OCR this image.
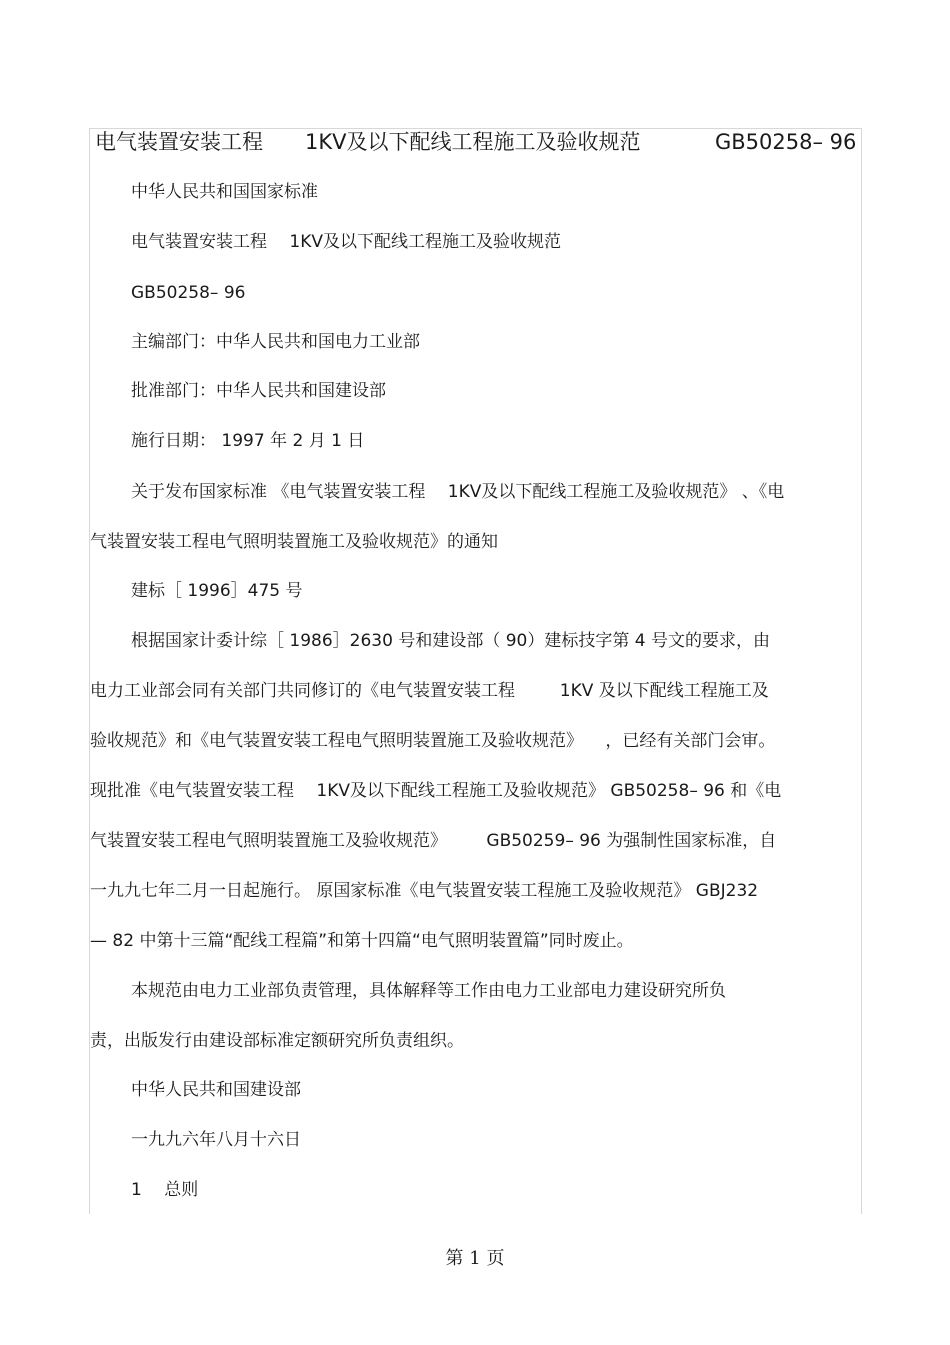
电气装置安装工程 1KV及以下配线工程施工及验收规范	GB50258– 96
中华人民共和国国家标准
电气装置安装工程 　1KV及以下配线工程施工及验收规范
GB50258– 96
主编部门：中华人民共和国电力工业部
批准部门：中华人民共和国建设部
施行日期： 1997 年 2 月 1 日
关于发布国家标准 《电气装置安装工程 　1KV及以下配线工程施工及验收规范》 、《电
气装置安装工程电气照明装置施工及验收规范》的通知
建标［ 1996］475 号
根据国家计委计综［ 1986］2630 号和建设部（ 90）建标技字第 4 号文的要求，由
电力工业部会同有关部门共同修订的《电气装置安装工程 　　 1KV 及以下配线工程施工及
验收规范》和《电气装置安装工程电气照明装置施工及验收规范》 　，已经有关部门会审。
现批准《电气装置安装工程 　1KV及以下配线工程施工及验收规范》 GB50258– 96 和《电
气装置安装工程电气照明装置施工及验收规范》 　　GB50259– 96 为强制性国家标准，自
一九九七年二月一日起施行。 原国家标准《电气装置安装工程施工及验收规范》 GBJ232
— 82 中第十三篇“配线工程篇”和第十四篇“电气照明装置篇”同时废止。
本规范由电力工业部负责管理，具体解释等工作由电力工业部电力建设研究所负
责，出版发行由建设部标准定额研究所负责组织。
中华人民共和国建设部
一九九六年八月十六日
1 　总则
第 1 页
